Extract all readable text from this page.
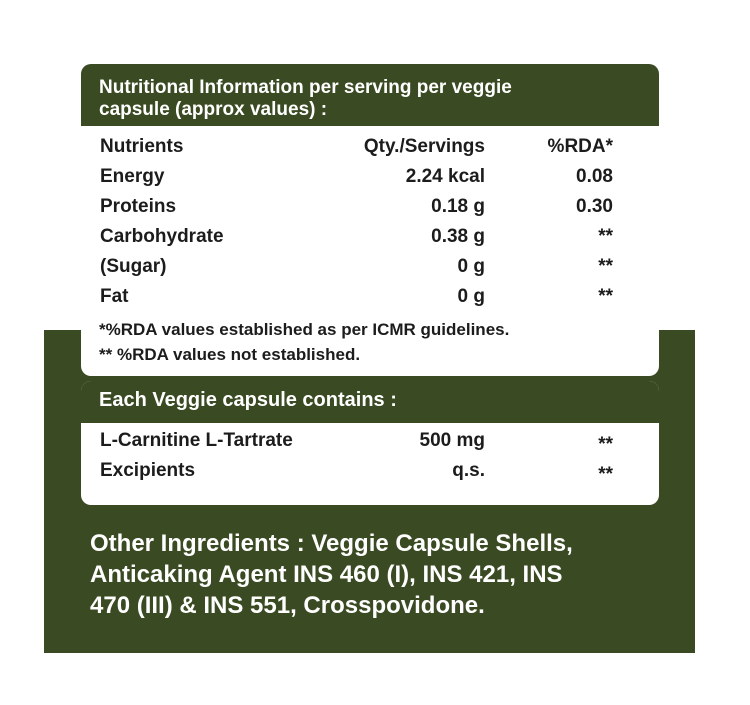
Nutritional Information per serving per veggie
capsule (approx values) :
Nutrients	Qty./Servings	%RDA*
Energy	2.24 kcal	0.08
Proteins	0.18 g	0.30
Carbohydrate	0.38 g	**
(Sugar)	0 g	**
Fat	0 g	**
*%RDA values established as per ICMR guidelines.
** %RDA values not established.
Each Veggie capsule contains :
L-Carnitine L-Tartrate	500 mg	**
Excipients	q.s.	**
Other Ingredients : Veggie Capsule Shells,
Anticaking Agent INS 460 (I), INS 421, INS
470 (III) & INS 551, Crosspovidone.
